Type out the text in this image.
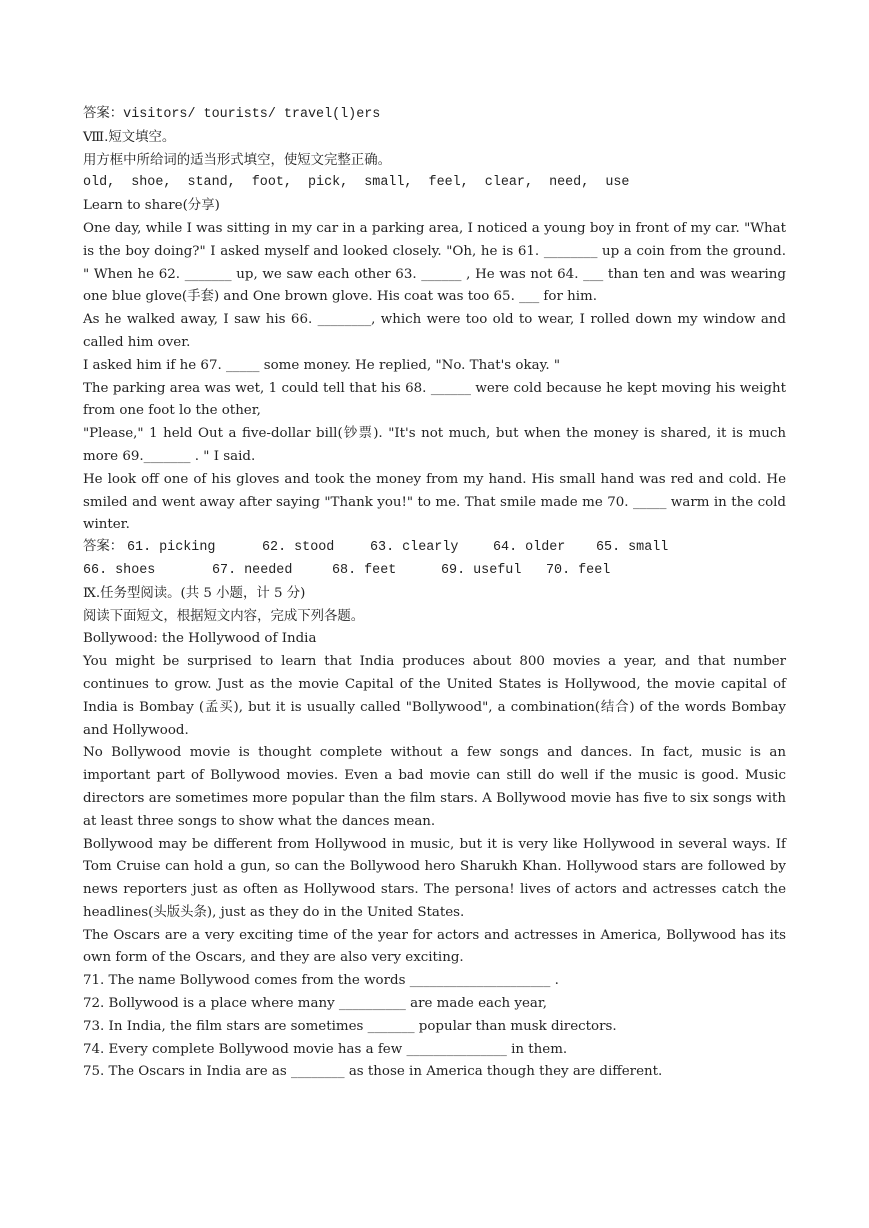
答案：visitors/ tourists/ travel(l)ers
Ⅷ.短文填空。
用方框中所给词的适当形式填空，使短文完整正确。
old,  shoe,  stand,  foot,  pick,  small,  feel,  clear,  need,  use
Learn to share(分享)
One day, while I was sitting in my car in a parking area, I noticed a young boy in front of my car. "What is the boy doing?" I asked myself and looked closely. "Oh, he is 61. ________ up a coin from the ground. " When he 62. _______ up, we saw each other 63. ______ , He was not 64. ___ than ten and was wearing one blue glove(手套) and One brown glove. His coat was too 65. ___ for him.
As he walked away, I saw his 66. ________, which were too old to wear, I rolled down my window and called him over.
I asked him if he 67. _____ some money. He replied, "No. That's okay. "
The parking area was wet, 1 could tell that his 68. ______ were cold because he kept moving his weight from one foot lo the other,
"Please," 1 held Out a five-dollar bill(钞票). "It's not much, but when the money is shared, it is much more 69._______ . " I said.
He look off one of his gloves and took the money from my hand. His small hand was red and cold. He smiled and went away after saying "Thank you!" to me. That smile made me 70. _____ warm in the cold winter.
答案： 61. picking	62. stood	63. clearly	64. older	65. small
66. shoes	67. needed	68. feet	69. useful	70. feel
Ⅸ.任务型阅读。(共 5 小题，计 5 分)
阅读下面短文，根据短文内容，完成下列各题。
Bollywood: the Hollywood of India
You might be surprised to learn that India produces about 800 movies a year, and that number continues to grow. Just as the movie Capital of the United States is Hollywood, the movie capital of India is Bombay (孟买), but it is usually called "Bollywood", a combination(结合) of the words Bombay and Hollywood.
No Bollywood movie is thought complete without a few songs and dances. In fact, music is an important part of Bollywood movies. Even a bad movie can still do well if the music is good. Music directors are sometimes more popular than the film stars. A Bollywood movie has five to six songs with at least three songs to show what the dances mean.
Bollywood may be different from Hollywood in music, but it is very like Hollywood in several ways. If Tom Cruise can hold a gun, so can the Bollywood hero Sharukh Khan. Hollywood stars are followed by news reporters just as often as Hollywood stars. The persona! lives of actors and actresses catch the headlines(头版头条), just as they do in the United States.
The Oscars are a very exciting time of the year for actors and actresses in America, Bollywood has its own form of the Oscars, and they are also very exciting.
71. The name Bollywood comes from the words _____________________ .
72. Bollywood is a place where many __________ are made each year,
73. In India, the film stars are sometimes _______ popular than musk directors.
74. Every complete Bollywood movie has a few _______________ in them.
75. The Oscars in India are as ________ as those in America though they are different.
